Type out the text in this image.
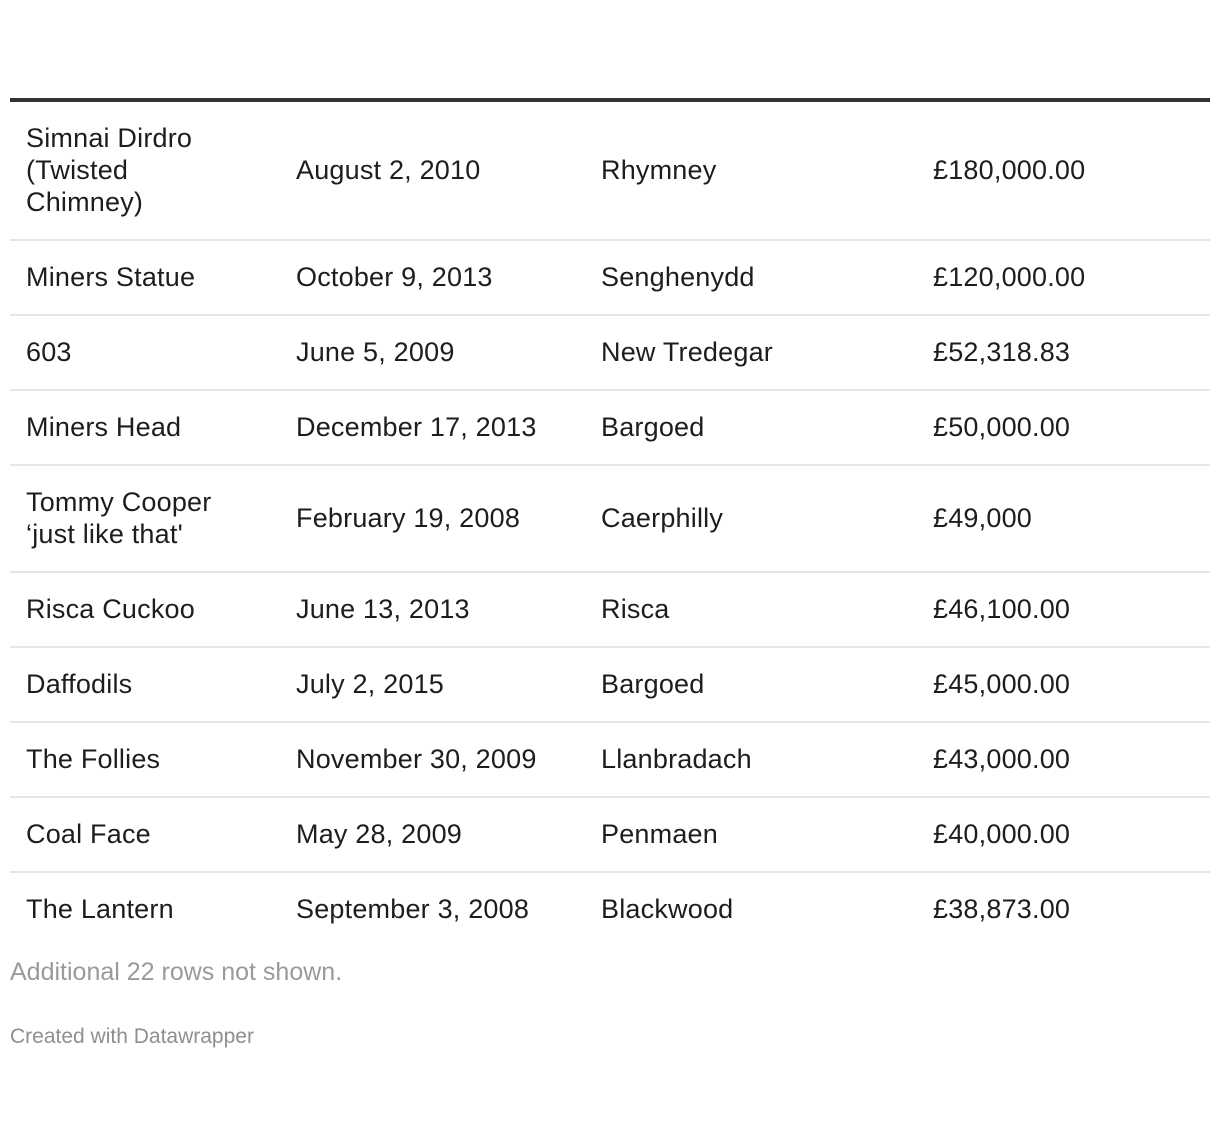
Simnai Dirdro (Twisted Chimney)	August 2, 2010	Rhymney	£180,000.00
Miners Statue	October 9, 2013	Senghenydd	£120,000.00
603	June 5, 2009	New Tredegar	£52,318.83
Miners Head	December 17, 2013	Bargoed	£50,000.00
Tommy Cooper ‘just like that'	February 19, 2008	Caerphilly	£49,000
Risca Cuckoo	June 13, 2013	Risca	£46,100.00
Daffodils	July 2, 2015	Bargoed	£45,000.00
The Follies	November 30, 2009	Llanbradach	£43,000.00
Coal Face	May 28, 2009	Penmaen	£40,000.00
The Lantern	September 3, 2008	Blackwood	£38,873.00
Additional 22 rows not shown.
Created with Datawrapper
